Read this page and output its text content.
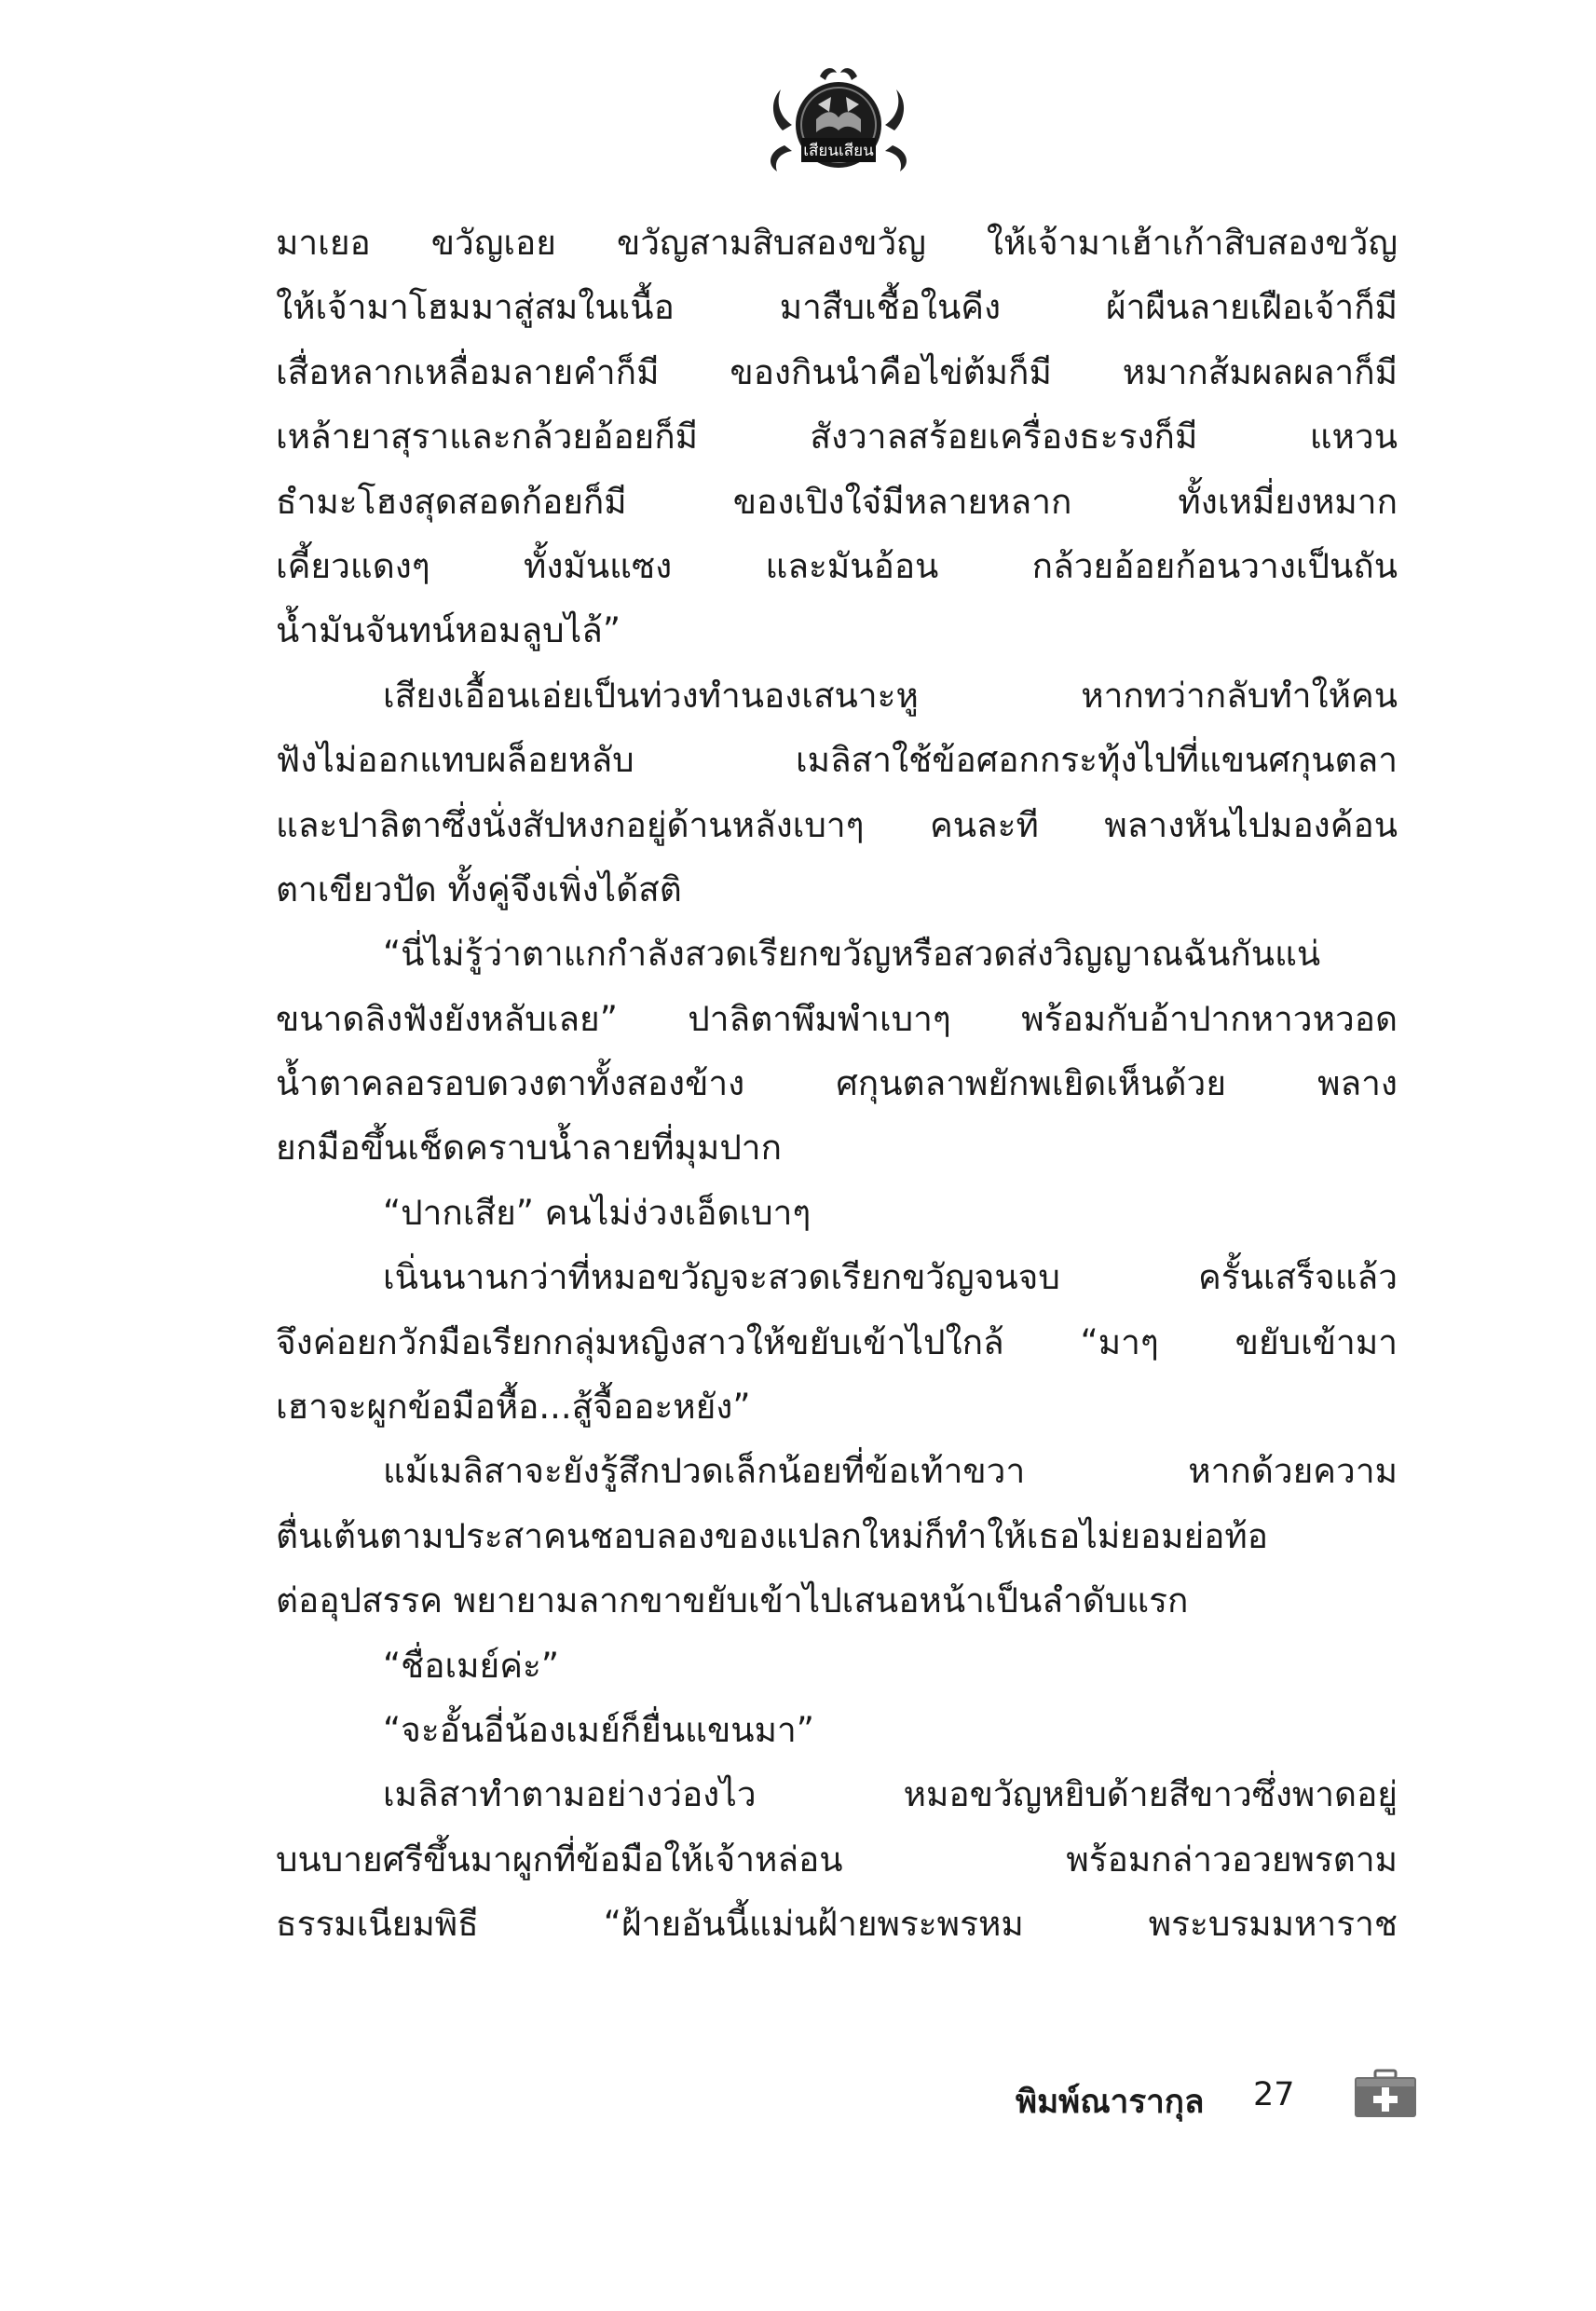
เสียนเสียน
มาเยอ ขวัญเอย ขวัญสามสิบสองขวัญ ให้เจ้ามาเฮ้าเก้าสิบสองขวัญ
ให้เจ้ามาโฮมมาสู่สมในเนื้อ มาสืบเชื้อในคีง ผ้าผืนลายเฝือเจ้าก็มี
เสื่อหลากเหลื่อมลายคำก็มี ของกินนำคือไข่ต้มก็มี หมากส้มผลผลาก็มี
เหล้ายาสุราและกล้วยอ้อยก็มี สังวาลสร้อยเครื่องธะรงก็มี แหวน
ธำมะโฮงสุดสอดก้อยก็มี ของเปิงใจ๋มีหลายหลาก ทั้งเหมี่ยงหมาก
เคี้ยวแดงๆ ทั้งมันแซง และมันอ้อน กล้วยอ้อยก้อนวางเป็นถัน
น้ำมันจันทน์หอมลูบไล้”
เสียงเอื้อนเอ่ยเป็นท่วงทำนองเสนาะหู หากทว่ากลับทำให้คน
ฟังไม่ออกแทบผล็อยหลับ เมลิสาใช้ข้อศอกกระทุ้งไปที่แขนศกุนตลา
และปาลิตาซึ่งนั่งสัปหงกอยู่ด้านหลังเบาๆ คนละที พลางหันไปมองค้อน
ตาเขียวปัด ทั้งคู่จึงเพิ่งได้สติ
“นี่ไม่รู้ว่าตาแกกำลังสวดเรียกขวัญหรือสวดส่งวิญญาณฉันกันแน่
ขนาดลิงฟังยังหลับเลย” ปาลิตาพึมพำเบาๆ พร้อมกับอ้าปากหาวหวอด
น้ำตาคลอรอบดวงตาทั้งสองข้าง ศกุนตลาพยักพเยิดเห็นด้วย พลาง
ยกมือขึ้นเช็ดคราบน้ำลายที่มุมปาก
“ปากเสีย” คนไม่ง่วงเอ็ดเบาๆ
เนิ่นนานกว่าที่หมอขวัญจะสวดเรียกขวัญจนจบ ครั้นเสร็จแล้ว
จึงค่อยกวักมือเรียกกลุ่มหญิงสาวให้ขยับเข้าไปใกล้ “มาๆ ขยับเข้ามา
เฮาจะผูกข้อมือหื้อ...สู้จื้ออะหยัง”
แม้เมลิสาจะยังรู้สึกปวดเล็กน้อยที่ข้อเท้าขวา หากด้วยความ
ตื่นเต้นตามประสาคนชอบลองของแปลกใหม่ก็ทำให้เธอไม่ยอมย่อท้อ
ต่ออุปสรรค พยายามลากขาขยับเข้าไปเสนอหน้าเป็นลำดับแรก
“ชื่อเมย์ค่ะ”
“จะอั้นอี่น้องเมย์ก็ยื่นแขนมา”
เมลิสาทำตามอย่างว่องไว หมอขวัญหยิบด้ายสีขาวซึ่งพาดอยู่
บนบายศรีขึ้นมาผูกที่ข้อมือให้เจ้าหล่อน พร้อมกล่าวอวยพรตาม
ธรรมเนียมพิธี “ฝ้ายอันนี้แม่นฝ้ายพระพรหม พระบรมมหาราช
พิมพ์ณารากุล 27
